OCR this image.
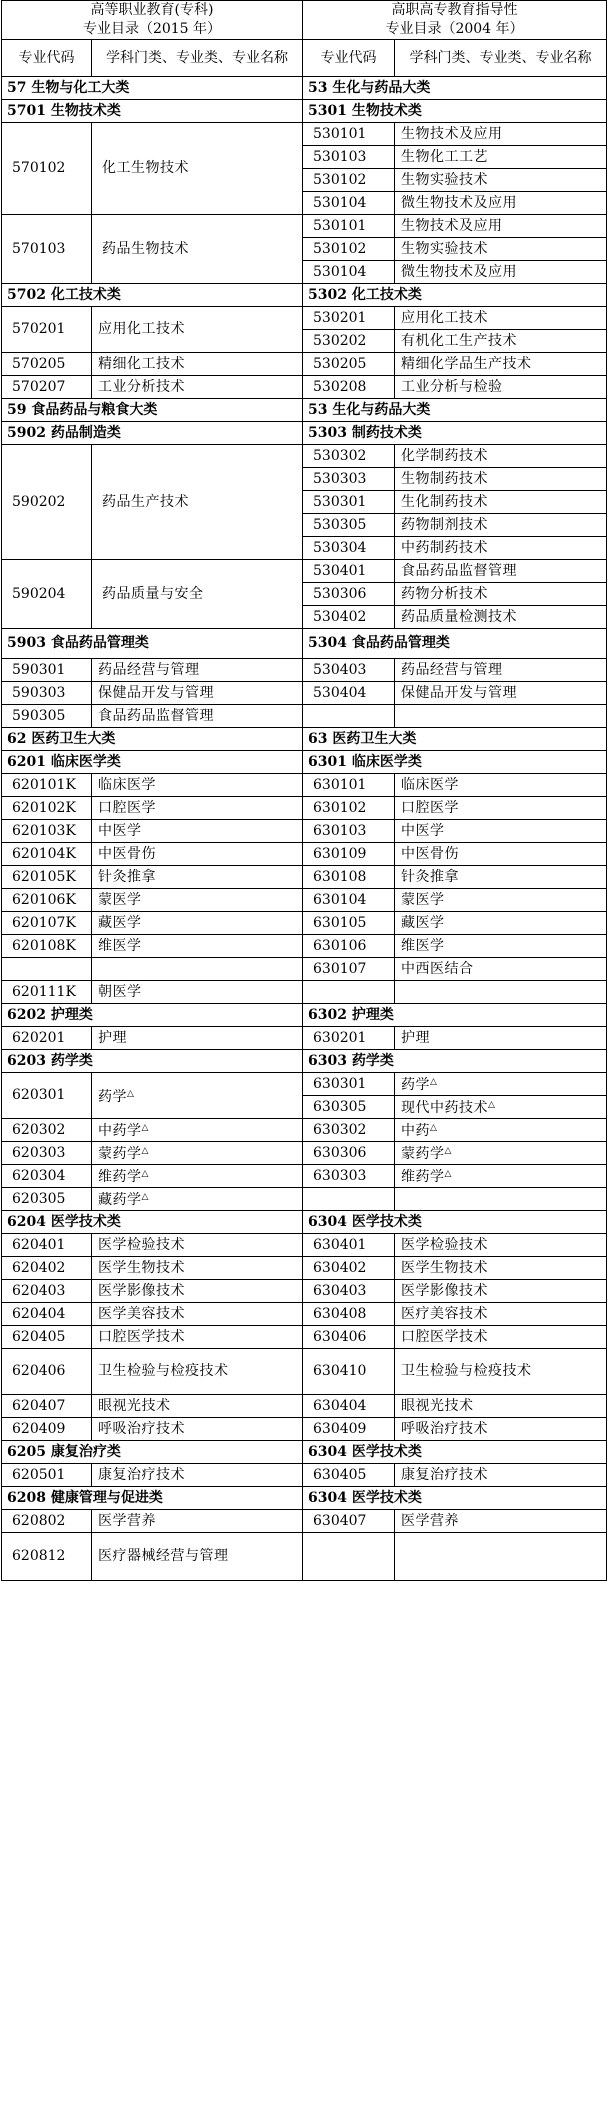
高等职业教育(专科)
专业目录（2015 年）		高职高专教育指导性
专业目录（2004 年）	
专业代码	学科门类、专业类、专业名称	专业代码	学科门类、专业类、专业名称
57 生物与化工大类		53 生化与药品大类	
5701 生物技术类		5301 生物技术类	
570102	化工生物技术	530101	生物技术及应用
		530103	生物化工工艺
		530102	生物实验技术
		530104	微生物技术及应用
570103	药品生物技术	530101	生物技术及应用
		530102	生物实验技术
		530104	微生物技术及应用
5702 化工技术类		5302 化工技术类	
570201	应用化工技术	530201	应用化工技术
		530202	有机化工生产技术
570205	精细化工技术	530205	精细化学品生产技术
570207	工业分析技术	530208	工业分析与检验
59 食品药品与粮食大类		53 生化与药品大类	
5902 药品制造类		5303 制药技术类	
590202	药品生产技术	530302	化学制药技术
		530303	生物制药技术
		530301	生化制药技术
		530305	药物制剂技术
		530304	中药制药技术
590204	药品质量与安全	530401	食品药品监督管理
		530306	药物分析技术
		530402	药品质量检测技术
5903 食品药品管理类		5304 食品药品管理类	
590301	药品经营与管理	530403	药品经营与管理
590303	保健品开发与管理	530404	保健品开发与管理
590305	食品药品监督管理		
62 医药卫生大类		63 医药卫生大类	
6201 临床医学类		6301 临床医学类	
620101K	临床医学	630101	临床医学
620102K	口腔医学	630102	口腔医学
620103K	中医学	630103	中医学
620104K	中医骨伤	630109	中医骨伤
620105K	针灸推拿	630108	针灸推拿
620106K	蒙医学	630104	蒙医学
620107K	藏医学	630105	藏医学
620108K	维医学	630106	维医学
		630107	中西医结合
620111K	朝医学		
6202 护理类		6302 护理类	
620201	护理	630201	护理
6203 药学类		6303 药学类	
620301	药学△	630301	药学△
		630305	现代中药技术△
620302	中药学△	630302	中药△
620303	蒙药学△	630306	蒙药学△
620304	维药学△	630303	维药学△
620305	藏药学△		
6204 医学技术类		6304 医学技术类	
620401	医学检验技术	630401	医学检验技术
620402	医学生物技术	630402	医学生物技术
620403	医学影像技术	630403	医学影像技术
620404	医学美容技术	630408	医疗美容技术
620405	口腔医学技术	630406	口腔医学技术
620406	卫生检验与检疫技术	630410	卫生检验与检疫技术
620407	眼视光技术	630404	眼视光技术
620409	呼吸治疗技术	630409	呼吸治疗技术
6205 康复治疗类		6304 医学技术类	
620501	康复治疗技术	630405	康复治疗技术
6208 健康管理与促进类		6304 医学技术类	
620802	医学营养	630407	医学营养
620812	医疗器械经营与管理		
